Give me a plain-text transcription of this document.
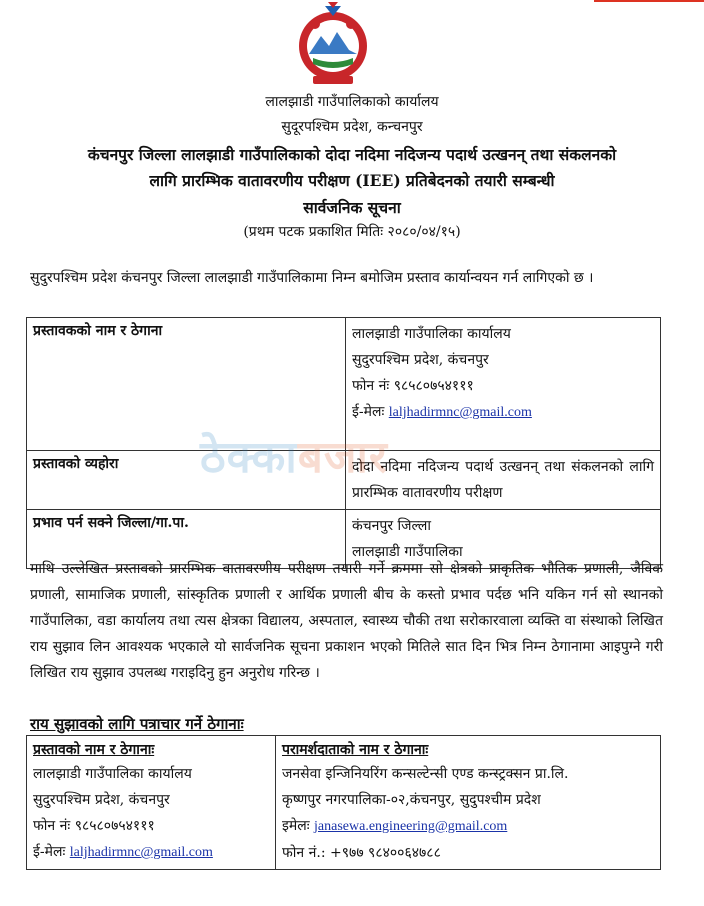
लालझाडी गाउँपालिकाको कार्यालय
सुदूरपश्चिम प्रदेश, कन्चनपुर
कंचनपुर जिल्ला लालझाडी गाउँपालिकाको दोदा नदिमा नदिजन्य पदार्थ उत्खनन् तथा संकलनको
लागि प्रारम्भिक वातावरणीय परीक्षण (IEE) प्रतिबेदनको तयारी सम्बन्धी
सार्वजनिक सूचना
(प्रथम पटक प्रकाशित मितिः २०८०/०४/१५)
सुदुरपश्चिम प्रदेश कंचनपुर जिल्ला लालझाडी गाउँपालिकामा निम्न बमोजिम प्रस्ताव कार्यान्वयन गर्न लागिएको छ ।
प्रस्तावकको नाम र ठेगाना	लालझाडी गाउँपालिका कार्यालय
सुदुरपश्चिम प्रदेश, कंचनपुर
फोन नंः ९८५८०७५४१११
ई-मेलः laljhadirmnc@gmail.com

प्रस्तावको व्यहोरा	दोदा नदिमा नदिजन्य पदार्थ उत्खनन् तथा संकलनको लागि प्रारम्भिक वातावरणीय परीक्षण
प्रभाव पर्न सक्ने जिल्ला/गा.पा.	कंचनपुर जिल्ला
लालझाडी गाउँपालिका
ठेक्काबजार
माथि उल्लेखित प्रस्तावको प्रारम्भिक वातावरणीय परीक्षण तयारी गर्ने क्रममा सो क्षेत्रको प्राकृतिक भौतिक प्रणाली, जैविक प्रणाली, सामाजिक प्रणाली, सांस्कृतिक प्रणाली र आर्थिक प्रणाली बीच के कस्तो प्रभाव पर्दछ भनि यकिन गर्न सो स्थानको गाउँपालिका, वडा कार्यालय तथा त्यस क्षेत्रका विद्यालय, अस्पताल, स्वास्थ्य चौकी तथा सरोकारवाला व्यक्ति वा संस्थाको लिखित राय सुझाव लिन आवश्यक भएकाले यो सार्वजनिक सूचना प्रकाशन भएको मितिले सात दिन भित्र निम्न ठेगानामा आइपुग्ने गरी लिखित राय सुझाव उपलब्ध गराइदिनु हुन अनुरोध गरिन्छ ।
राय सुझावको लागि पत्राचार गर्ने ठेगानाः
प्रस्तावको नाम र ठेगानाः
लालझाडी गाउँपालिका कार्यालय
सुदुरपश्चिम प्रदेश, कंचनपुर
फोन नंः ९८५८०७५४१११
ई-मेलः laljhadirmnc@gmail.com

परामर्शदाताको नाम र ठेगानाः
जनसेवा इन्जिनियरिंग कन्सल्टेन्सी एण्ड कन्स्ट्रक्सन प्रा.लि.
कृष्णपुर नगरपालिका-०२,कंचनपुर, सुदुपश्चीम प्रदेश
इमेलः janasewa.engineering@gmail.com
फोन नं.: +९७७ ९८४००६४७८८
